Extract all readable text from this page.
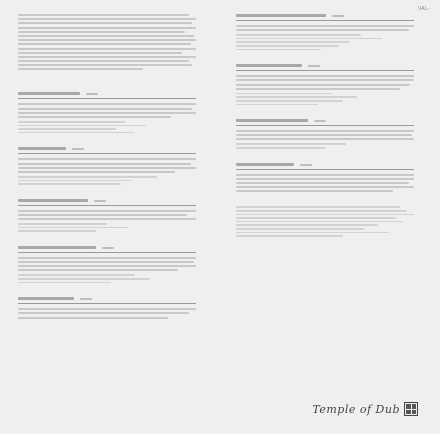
VAL-
Temple of Dub
